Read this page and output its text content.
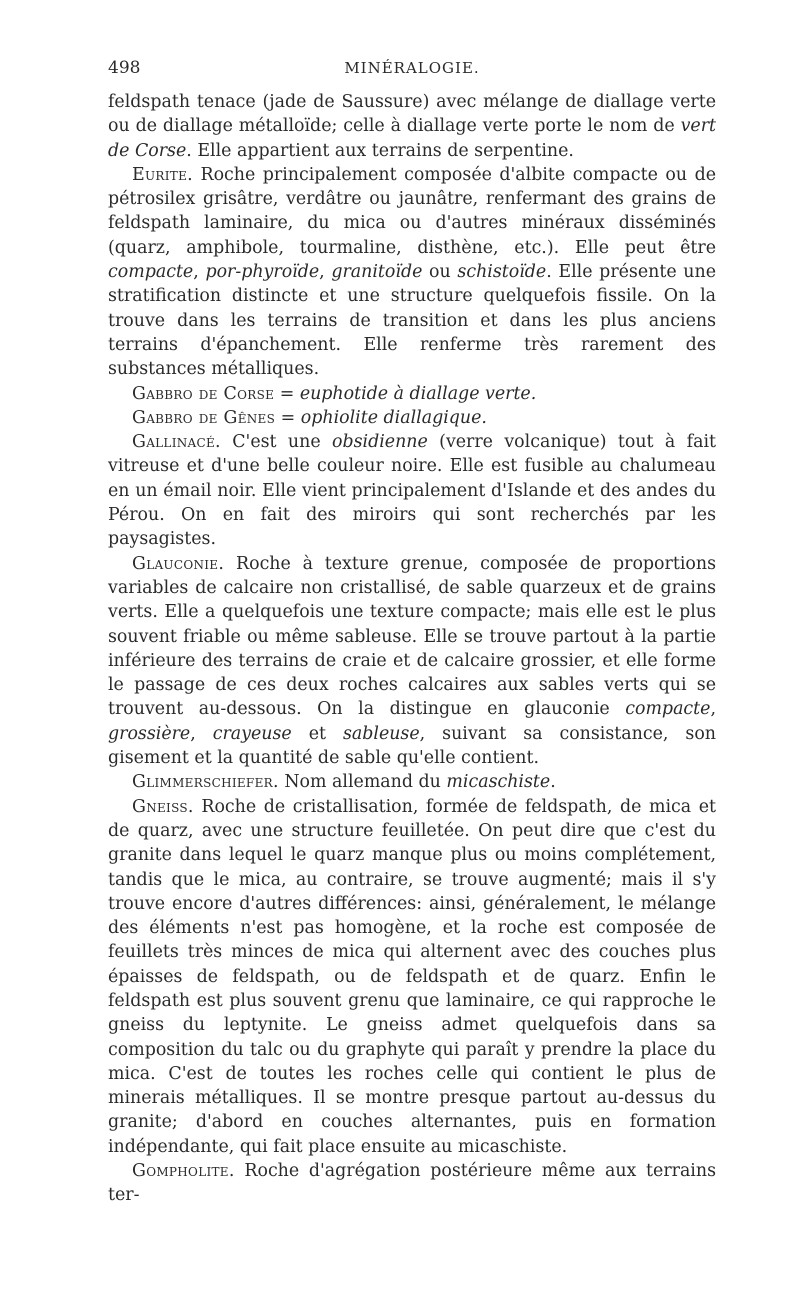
498	MINÉRALOGIE.

feldspath tenace (jade de Saussure) avec mélange de diallage verte ou de diallage métalloïde; celle à diallage verte porte le nom de vert de Corse. Elle appartient aux terrains de serpentine.

Eurite. Roche principalement composée d'albite compacte ou de pétrosilex grisâtre, verdâtre ou jaunâtre, renfermant des grains de feldspath laminaire, du mica ou d'autres minéraux disséminés (quarz, amphibole, tourmaline, disthène, etc.). Elle peut être compacte, por-phyroïde, granitoïde ou schistoïde. Elle présente une stratification distincte et une structure quelquefois fissile. On la trouve dans les terrains de transition et dans les plus anciens terrains d'épanchement. Elle renferme très rarement des substances métalliques.

Gabbro de Corse = euphotide à diallage verte.

Gabbro de Gênes = ophiolite diallagique.

Gallinacé. C'est une obsidienne (verre volcanique) tout à fait vitreuse et d'une belle couleur noire. Elle est fusible au chalumeau en un émail noir. Elle vient principalement d'Islande et des andes du Pérou. On en fait des miroirs qui sont recherchés par les paysagistes.

Glauconie. Roche à texture grenue, composée de proportions variables de calcaire non cristallisé, de sable quarzeux et de grains verts. Elle a quelquefois une texture compacte; mais elle est le plus souvent friable ou même sableuse. Elle se trouve partout à la partie inférieure des terrains de craie et de calcaire grossier, et elle forme le passage de ces deux roches calcaires aux sables verts qui se trouvent au-dessous. On la distingue en glauconie compacte, grossière, crayeuse et sableuse, suivant sa consistance, son gisement et la quantité de sable qu'elle contient.

Glimmerschiefer. Nom allemand du micaschiste.

Gneiss. Roche de cristallisation, formée de feldspath, de mica et de quarz, avec une structure feuilletée. On peut dire que c'est du granite dans lequel le quarz manque plus ou moins complétement, tandis que le mica, au contraire, se trouve augmenté; mais il s'y trouve encore d'autres différences: ainsi, généralement, le mélange des éléments n'est pas homogène, et la roche est composée de feuillets très minces de mica qui alternent avec des couches plus épaisses de feldspath, ou de feldspath et de quarz. Enfin le feldspath est plus souvent grenu que laminaire, ce qui rapproche le gneiss du leptynite. Le gneiss admet quelquefois dans sa composition du talc ou du graphyte qui paraît y prendre la place du mica. C'est de toutes les roches celle qui contient le plus de minerais métalliques. Il se montre presque partout au-dessus du granite; d'abord en couches alternantes, puis en formation indépendante, qui fait place ensuite au micaschiste.

Gompholite. Roche d'agrégation postérieure même aux terrains ter-
